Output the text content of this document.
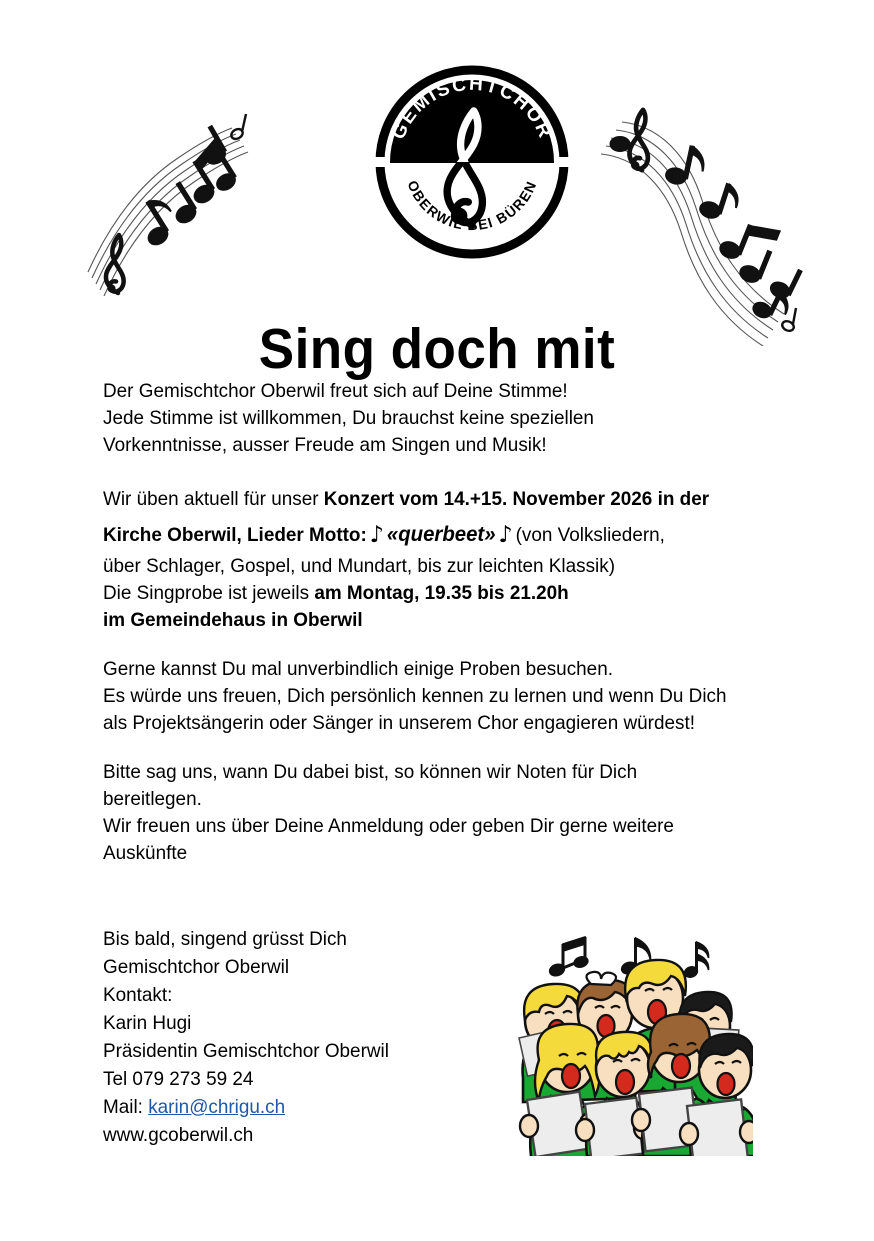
GEMISCHTCHOR
OBERWIL BEI BÜREN
Sing doch mit
Der Gemischtchor Oberwil freut sich auf Deine Stimme!
Jede Stimme ist willkommen, Du brauchst keine speziellen
Vorkenntnisse, ausser Freude am Singen und Musik!
Wir üben aktuell für unser Konzert vom 14.+15. November 2026 in der
Kirche Oberwil, Lieder Motto: ♪ «querbeet» ♪ (von Volksliedern,
über Schlager, Gospel, und Mundart, bis zur leichten Klassik)
Die Singprobe ist jeweils am Montag, 19.35 bis 21.20h
im Gemeindehaus in Oberwil
Gerne kannst Du mal unverbindlich einige Proben besuchen.
Es würde uns freuen, Dich persönlich kennen zu lernen und wenn Du Dich
als Projektsängerin oder Sänger in unserem Chor engagieren würdest!
Bitte sag uns, wann Du dabei bist, so können wir Noten für Dich
bereitlegen.
Wir freuen uns über Deine Anmeldung oder geben Dir gerne weitere
Auskünfte
Bis bald, singend grüsst Dich
Gemischtchor Oberwil
Kontakt:
Karin Hugi
Präsidentin Gemischtchor Oberwil
Tel 079 273 59 24
Mail: karin@chrigu.ch
www.gcoberwil.ch
